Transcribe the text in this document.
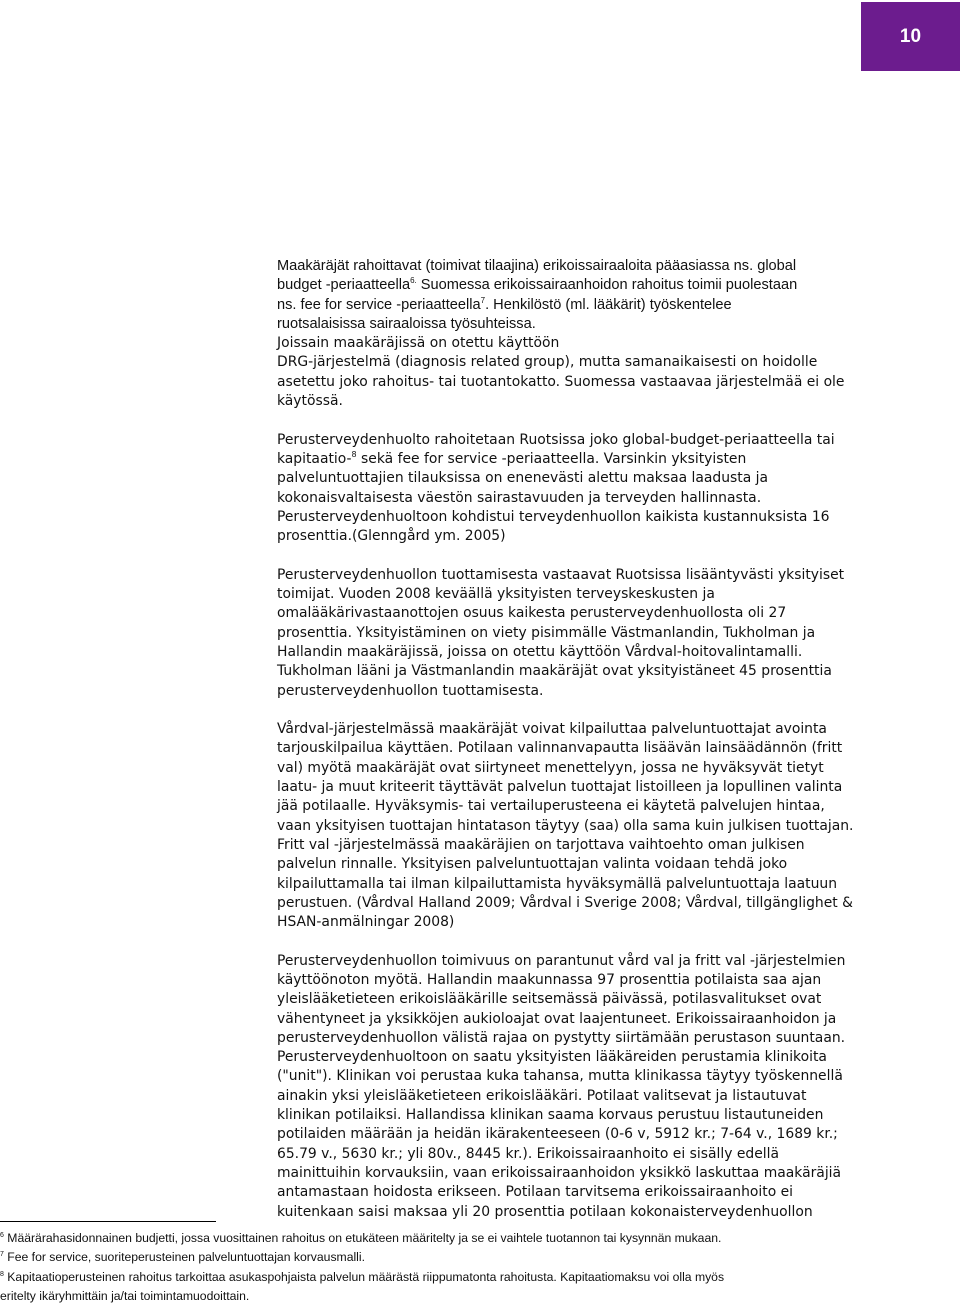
10

Maakäräjät rahoittavat (toimivat tilaajina) erikoissairaaloita pääasiassa ns. global
budget -periaatteella$^{6.}$ Suomessa erikoissairaanhoidon rahoitus toimii puolestaan
ns. fee for service -periaatteella$^7$. Henkilöstö (ml. lääkärit) työskentelee
ruotsalaisissa sairaaloissa työsuhteissa.
Joissain maakäräjissä on otettu käyttöön
DRG-järjestelmä (diagnosis related group), mutta samanaikaisesti on hoidolle
asetettu joko rahoitus- tai tuotantokatto. Suomessa vastaavaa järjestelmää ei ole
käytössä.

Perusterveydenhuolto rahoitetaan Ruotsissa joko global-budget-periaatteella tai
kapitaatio-$^8$ sekä fee for service -periaatteella. Varsinkin yksityisten
palveluntuottajien tilauksissa on enenevästi alettu maksaa laadusta ja
kokonaisvaltaisesta väestön sairastavuuden ja terveyden hallinnasta.
Perusterveydenhuoltoon kohdistui terveydenhuollon kaikista kustannuksista 16
prosenttia.(Glenngård ym. 2005)

Perusterveydenhuollon tuottamisesta vastaavat Ruotsissa lisääntyvästi yksityiset
toimijat. Vuoden 2008 keväällä yksityisten terveyskeskusten ja
omalääkärivastaanottojen osuus kaikesta perusterveydenhuollosta oli 27
prosenttia. Yksityistäminen on viety pisimmälle Västmanlandin, Tukholman ja
Hallandin maakäräjissä, joissa on otettu käyttöön Vårdval-hoitovalintamalli.
Tukholman lääni ja Västmanlandin maakäräjät ovat yksityistäneet 45 prosenttia
perusterveydenhuollon tuottamisesta.

Vårdval-järjestelmässä maakäräjät voivat kilpailuttaa palveluntuottajat avointa
tarjouskilpailua käyttäen. Potilaan valinnanvapautta lisäävän lainsäädännön (fritt
val) myötä maakäräjät ovat siirtyneet menettelyyn, jossa ne hyväksyvät tietyt
laatu- ja muut kriteerit täyttävät palvelun tuottajat listoilleen ja lopullinen valinta
jää potilaalle. Hyväksymis- tai vertailuperusteena ei käytetä palvelujen hintaa,
vaan yksityisen tuottajan hintatason täytyy (saa) olla sama kuin julkisen tuottajan.
Fritt val -järjestelmässä maakäräjien on tarjottava vaihtoehto oman julkisen
palvelun rinnalle. Yksityisen palveluntuottajan valinta voidaan tehdä joko
kilpailuttamalla tai ilman kilpailuttamista hyväksymällä palveluntuottaja laatuun
perustuen. (Vårdval Halland 2009; Vårdval i Sverige 2008; Vårdval, tillgänglighet &
HSAN-anmälningar 2008)

Perusterveydenhuollon toimivuus on parantunut vård val ja fritt val -järjestelmien
käyttöönoton myötä. Hallandin maakunnassa 97 prosenttia potilaista saa ajan
yleislääketieteen erikoislääkärille seitsemässä päivässä, potilasvalitukset ovat
vähentyneet ja yksikköjen aukioloajat ovat laajentuneet. Erikoissairaanhoidon ja
perusterveydenhuollon välistä rajaa on pystytty siirtämään perustason suuntaan.
Perusterveydenhuoltoon on saatu yksityisten lääkäreiden perustamia klinikoita
("unit"). Klinikan voi perustaa kuka tahansa, mutta klinikassa täytyy työskennellä
ainakin yksi yleislääketieteen erikoislääkäri. Potilaat valitsevat ja listautuvat
klinikan potilaiksi. Hallandissa klinikan saama korvaus perustuu listautuneiden
potilaiden määrään ja heidän ikärakenteeseen (0-6 v, 5912 kr.; 7-64 v., 1689 kr.;
65.79 v., 5630 kr.; yli 80v., 8445 kr.). Erikoissairaanhoito ei sisälly edellä
mainittuihin korvauksiin, vaan erikoissairaanhoidon yksikkö laskuttaa maakäräjiä
antamastaan hoidosta erikseen. Potilaan tarvitsema erikoissairaanhoito ei
kuitenkaan saisi maksaa yli 20 prosenttia potilaan kokonaisterveydenhuollon

$^6$ Määrärahasidonnainen budjetti, jossa vuosittainen rahoitus on etukäteen määritelty ja se ei vaihtele tuotannon tai kysynnän mukaan.

$^7$ Fee for service, suoriteperusteinen palveluntuottajan korvausmalli.

$^8$ Kapitaatioperusteinen rahoitus tarkoittaa asukaspohjaista palvelun määrästä riippumatonta rahoitusta. Kapitaatiomaksu voi olla myös
eritelty ikäryhmittäin ja/tai toimintamuodoittain.
